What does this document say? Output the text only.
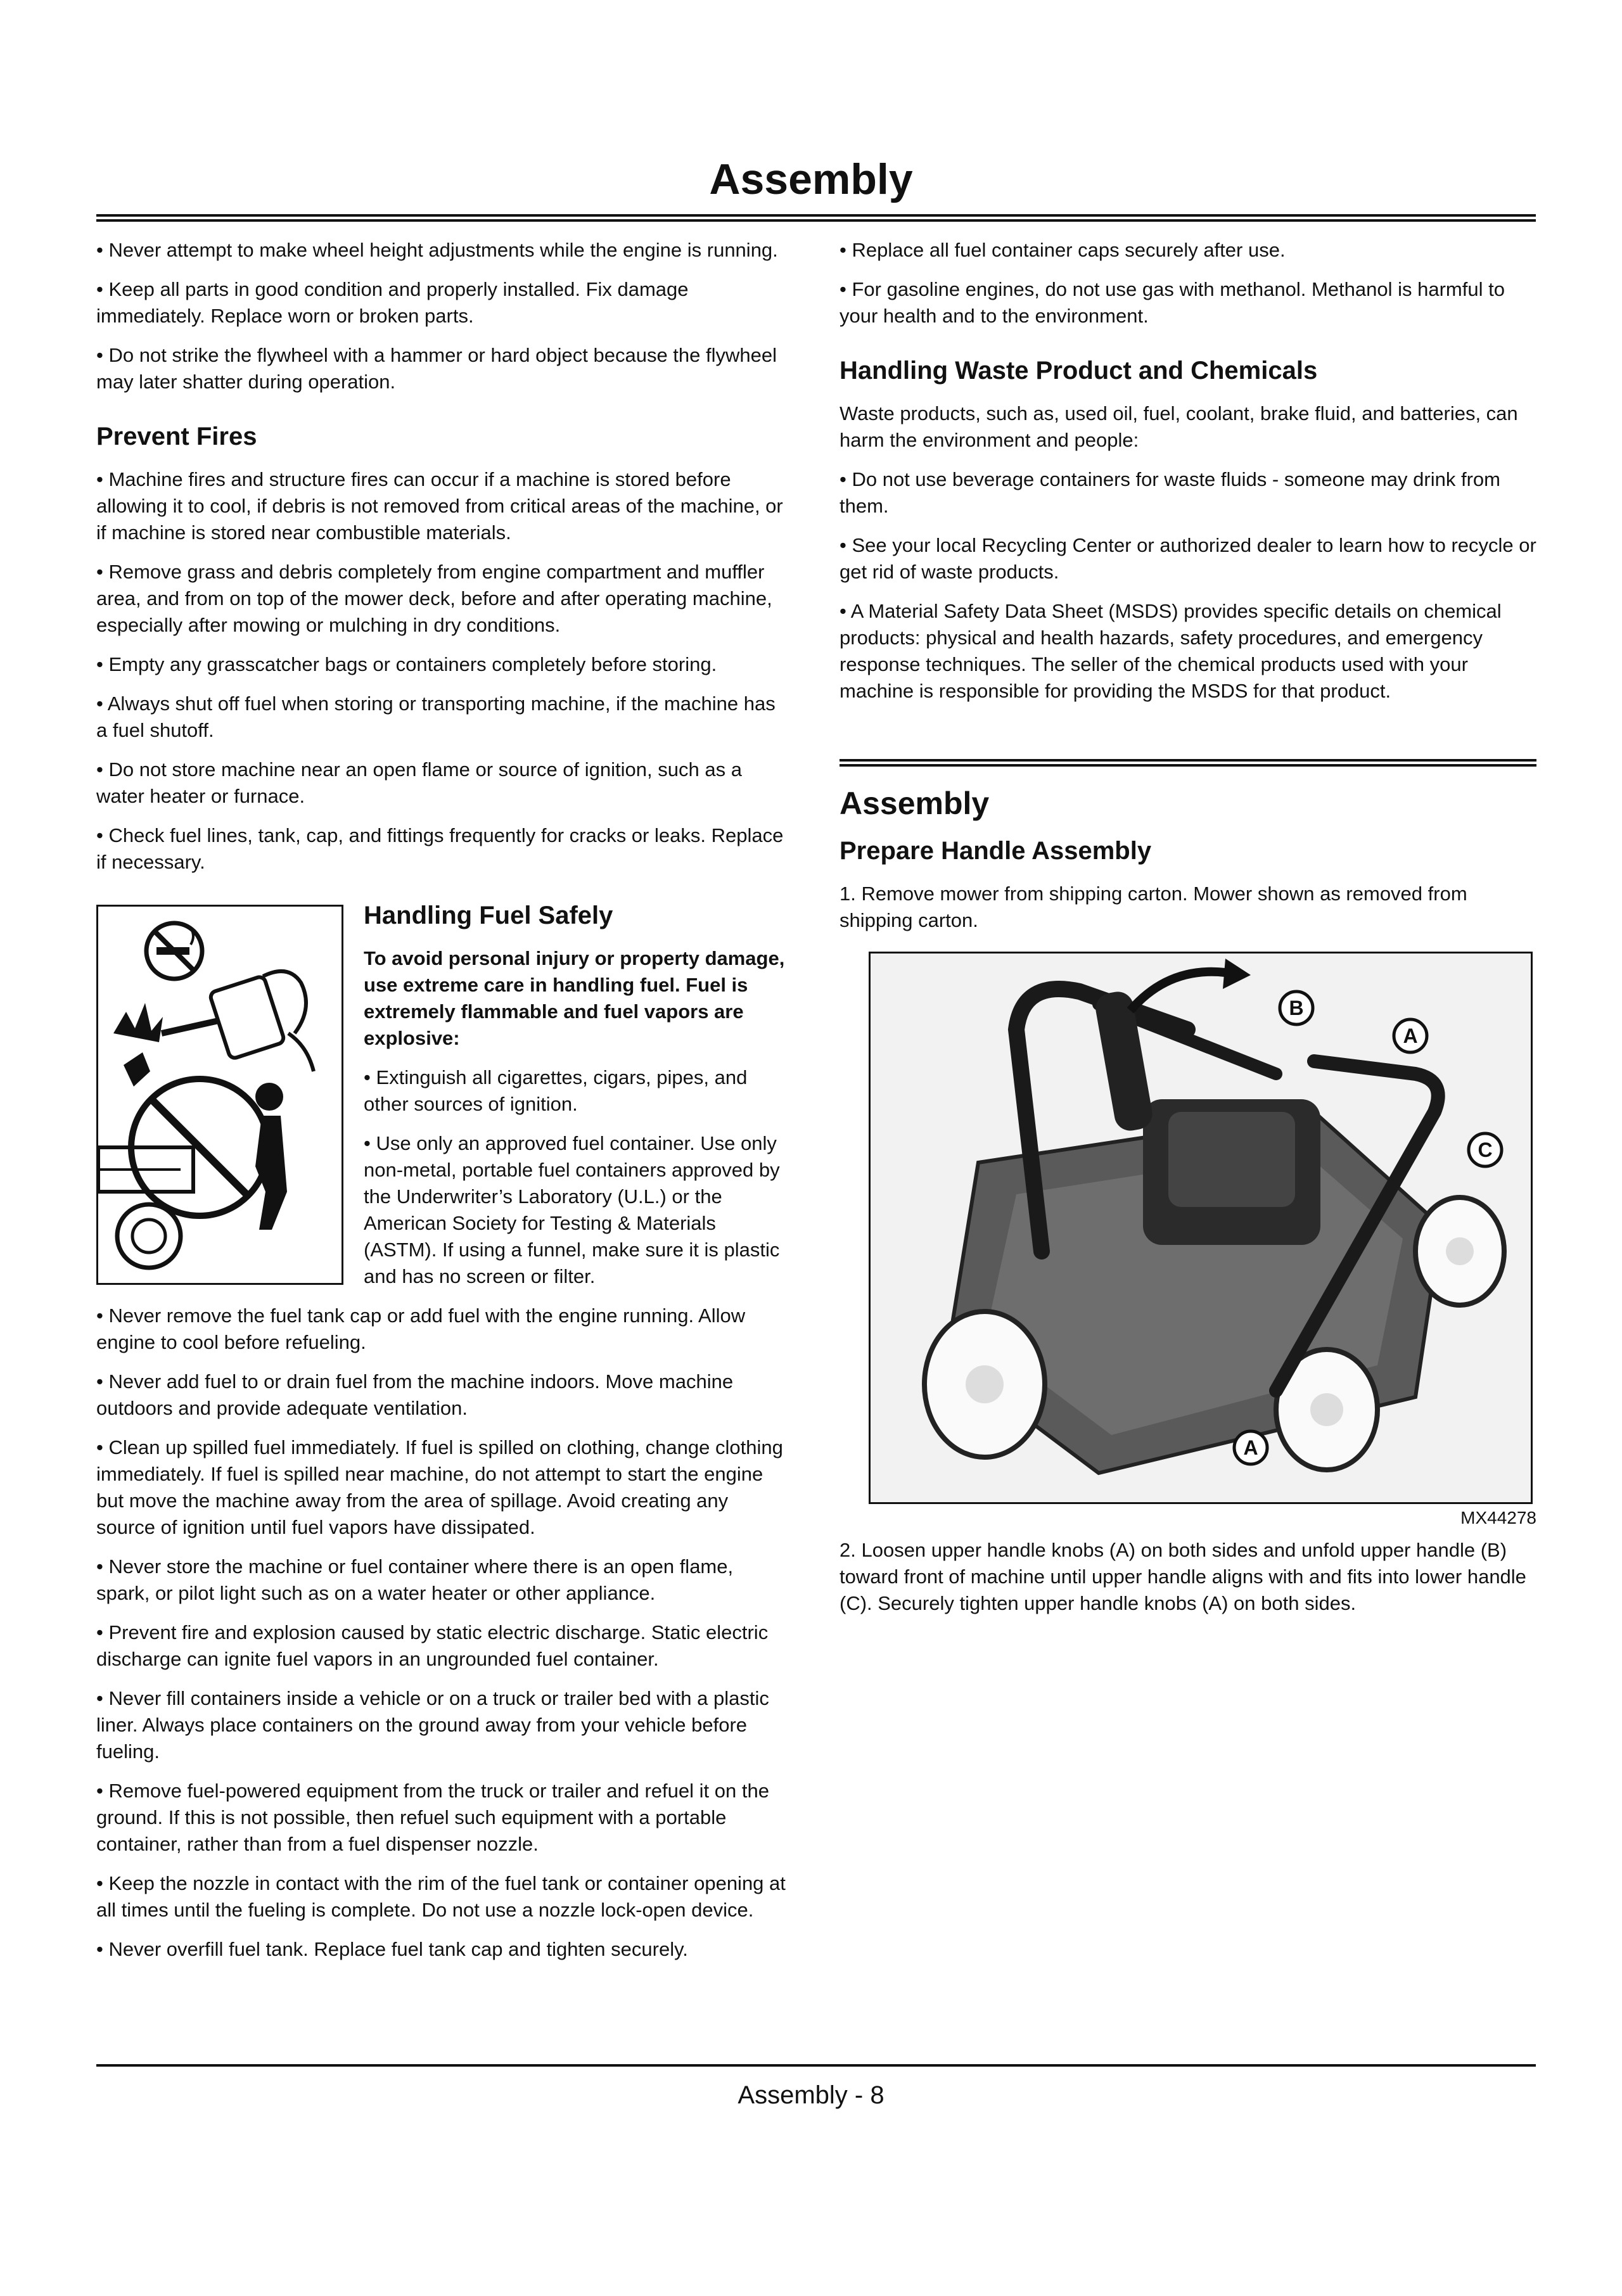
Assembly

• Never attempt to make wheel height adjustments while the engine is running.

• Keep all parts in good condition and properly installed. Fix damage immediately. Replace worn or broken parts.

• Do not strike the flywheel with a hammer or hard object because the flywheel may later shatter during operation.

Prevent Fires

• Machine fires and structure fires can occur if a machine is stored before allowing it to cool, if debris is not removed from critical areas of the machine, or if machine is stored near combustible materials.

• Remove grass and debris completely from engine compartment and muffler area, and from on top of the mower deck, before and after operating machine, especially after mowing or mulching in dry conditions.

• Empty any grasscatcher bags or containers completely before storing.

• Always shut off fuel when storing or transporting machine, if the machine has a fuel shutoff.

• Do not store machine near an open flame or source of ignition, such as a water heater or furnace.

• Check fuel lines, tank, cap, and fittings frequently for cracks or leaks. Replace if necessary.

Handling Fuel Safely

To avoid personal injury or property damage, use extreme care in handling fuel. Fuel is extremely flammable and fuel vapors are explosive:

• Extinguish all cigarettes, cigars, pipes, and other sources of ignition.

• Use only an approved fuel container. Use only non-metal, portable fuel containers approved by the Underwriter’s Laboratory (U.L.) or the American Society for Testing & Materials (ASTM). If using a funnel, make sure it is plastic and has no screen or filter.

• Never remove the fuel tank cap or add fuel with the engine running. Allow engine to cool before refueling.

• Never add fuel to or drain fuel from the machine indoors. Move machine outdoors and provide adequate ventilation.

• Clean up spilled fuel immediately. If fuel is spilled on clothing, change clothing immediately. If fuel is spilled near machine, do not attempt to start the engine but move the machine away from the area of spillage. Avoid creating any source of ignition until fuel vapors have dissipated.

• Never store the machine or fuel container where there is an open flame, spark, or pilot light such as on a water heater or other appliance.

• Prevent fire and explosion caused by static electric discharge. Static electric discharge can ignite fuel vapors in an ungrounded fuel container.

• Never fill containers inside a vehicle or on a truck or trailer bed with a plastic liner. Always place containers on the ground away from your vehicle before fueling.

• Remove fuel-powered equipment from the truck or trailer and refuel it on the ground. If this is not possible, then refuel such equipment with a portable container, rather than from a fuel dispenser nozzle.

• Keep the nozzle in contact with the rim of the fuel tank or container opening at all times until the fueling is complete. Do not use a nozzle lock-open device.

• Never overfill fuel tank. Replace fuel tank cap and tighten securely.

• Replace all fuel container caps securely after use.

• For gasoline engines, do not use gas with methanol. Methanol is harmful to your health and to the environment.

Handling Waste Product and Chemicals

Waste products, such as, used oil, fuel, coolant, brake fluid, and batteries, can harm the environment and people:

• Do not use beverage containers for waste fluids - someone may drink from them.

• See your local Recycling Center or authorized dealer to learn how to recycle or get rid of waste products.

• A Material Safety Data Sheet (MSDS) provides specific details on chemical products: physical and health hazards, safety procedures, and emergency response techniques. The seller of the chemical products used with your machine is responsible for providing the MSDS for that product.

Assembly
Prepare Handle Assembly

1. Remove mower from shipping carton. Mower shown as removed from shipping carton.

B
A
C
A

MX44278

2. Loosen upper handle knobs (A) on both sides and unfold upper handle (B) toward front of machine until upper handle aligns with and fits into lower handle (C). Securely tighten upper handle knobs (A) on both sides.

Assembly - 8
